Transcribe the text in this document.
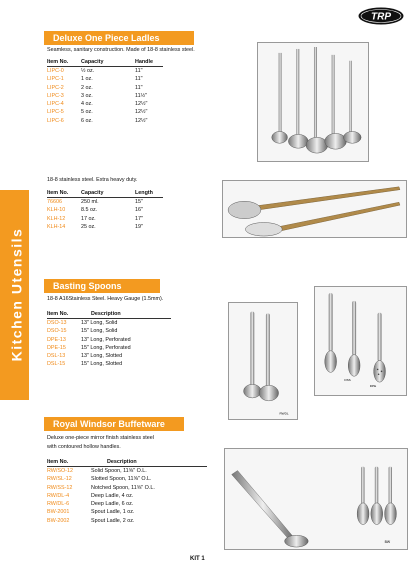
TRP
Kitchen Utensils
Deluxe One Piece Ladles
Seamless, sanitary construction. Made of 18-8 stainless steel.
Item No.	Capacity	Handle
LIPC-0	½ oz.	11"
LIPC-1	1 oz.	11"
LIPC-2	2 oz.	11"
LIPC-3	3 oz.	11½"
LIPC-4	4 oz.	12½"
LIPC-5	5 oz.	12½"
LIPC-6	6 oz.	12½"
18-8 stainless steel. Extra heavy duty.
Item No.	Capacity	Length
76606	250 ml.	15"
KLH-10	8.5 oz.	16"
KLH-12	17 oz.	17"
KLH-14	25 oz.	19"
Basting Spoons
18-8 A16Stainless Steel. Heavy Gauge (1.5mm).
Item No.	Description
DSO-13	13" Long, Solid
DSO-15	15" Long, Solid
DPE-13	13" Long, Perforated
DPE-15	15" Long, Perforated
DSL-13	13" Long, Slotted
DSL-15	15" Long, Slotted
RWDL
DSS
DPE
Royal Windsor Buffetware
Deluxe one-piece mirror finish stainless steel
with contoured hollow handles.
Item No.	Description
RW/SO-12	Solid Spoon, 11⅝" O.L.
RW/SL-12	Slotted Spoon, 11⅝" O.L.
RW/SS-12	Notched Spoon, 11⅝" O.L.
RW/DL-4	Deep Ladle, 4 oz.
RW/DL-6	Deep Ladle, 6 oz.
BW-2001	Spout Ladle, 1 oz.
BW-2002	Spout Ladle, 2 oz.
BW
KIT 1
